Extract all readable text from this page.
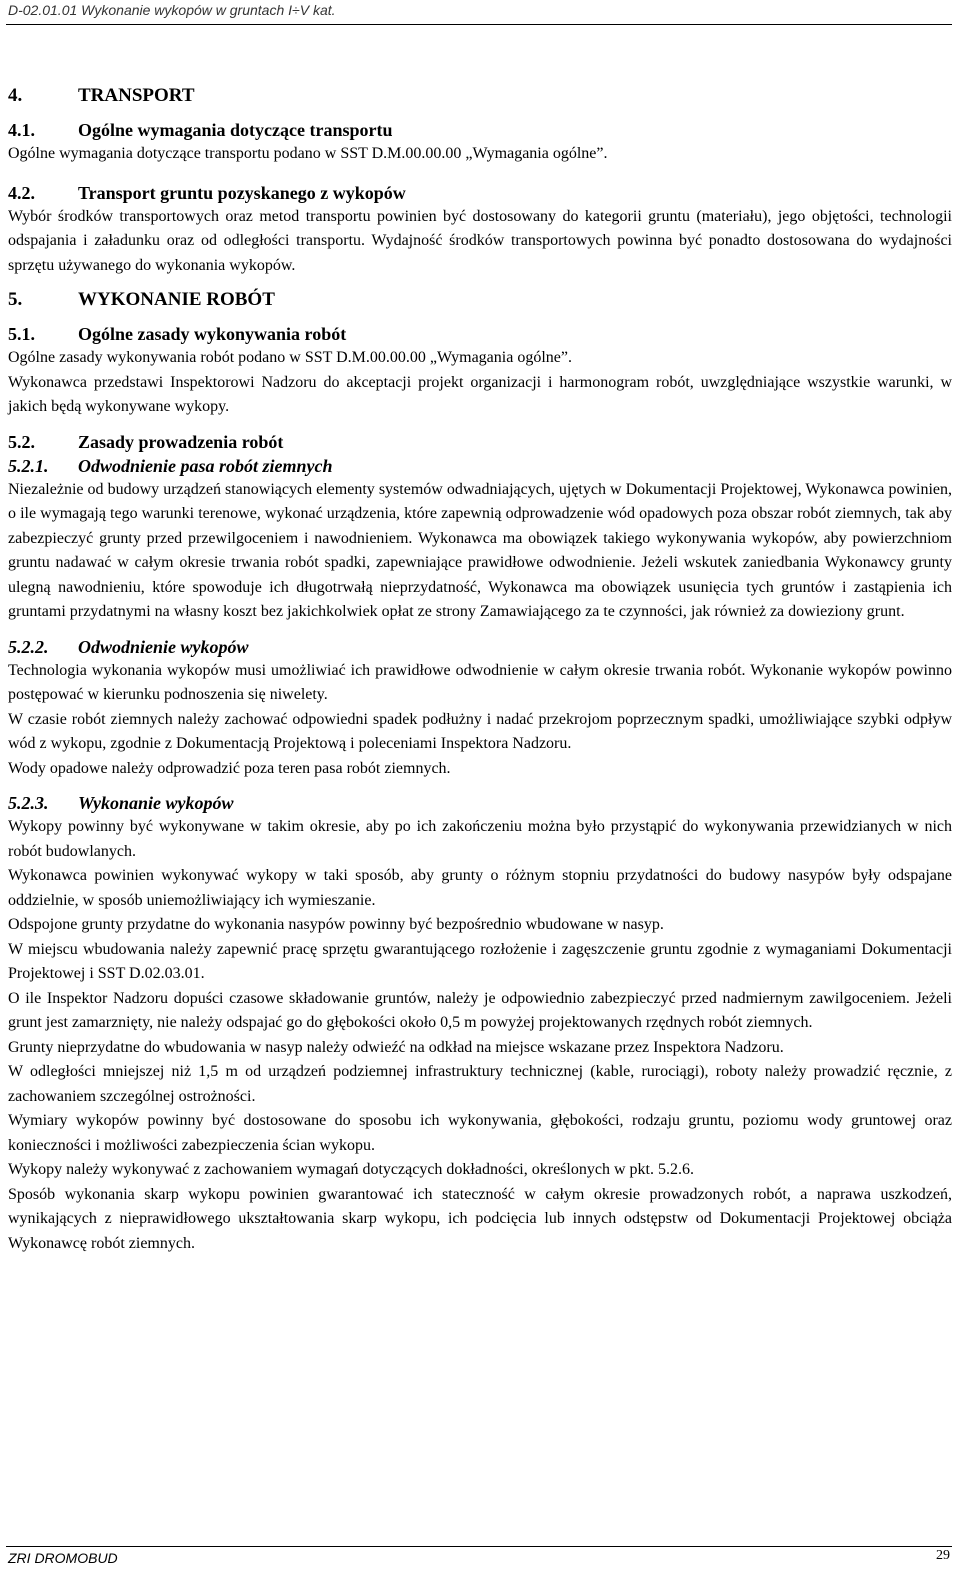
D-02.01.01 Wykonanie wykopów w gruntach I÷V kat.
4.	TRANSPORT
4.1. Ogólne wymagania dotyczące transportu

Ogólne wymagania dotyczące transportu podano w SST D.M.00.00.00 „Wymagania ogólne”.

4.2. Transport gruntu pozyskanego z wykopów

Wybór środków transportowych oraz metod transportu powinien być dostosowany do kategorii gruntu (materiału), jego objętości, technologii odspajania i załadunku oraz od odległości transportu. Wydajność środków transportowych powinna być ponadto dostosowana do wydajności sprzętu używanego do wykonania wykopów.

5.	WYKONANIE ROBÓT
5.1. Ogólne zasady wykonywania robót

Ogólne zasady wykonywania robót podano w SST D.M.00.00.00 „Wymagania ogólne”.

Wykonawca przedstawi Inspektorowi Nadzoru do akceptacji projekt organizacji i harmonogram robót, uwzględniające wszystkie warunki, w jakich będą wykonywane wykopy.

5.2. Zasady prowadzenia robót
5.2.1. Odwodnienie pasa robót ziemnych

Niezależnie od budowy urządzeń stanowiących elementy systemów odwadniających, ujętych w Dokumentacji Projektowej, Wykonawca powinien, o ile wymagają tego warunki terenowe, wykonać urządzenia, które zapewnią odprowadzenie wód opadowych poza obszar robót ziemnych, tak aby zabezpieczyć grunty przed przewilgoceniem i nawodnieniem. Wykonawca ma obowiązek takiego wykonywania wykopów, aby powierzchniom gruntu nadawać w całym okresie trwania robót spadki, zapewniające prawidłowe odwodnienie. Jeżeli wskutek zaniedbania Wykonawcy grunty ulegną nawodnieniu, które spowoduje ich długotrwałą nieprzydatność, Wykonawca ma obowiązek usunięcia tych gruntów i zastąpienia ich gruntami przydatnymi na własny koszt bez jakichkolwiek opłat ze strony Zamawiającego za te czynności, jak również za dowieziony grunt.

5.2.2. Odwodnienie wykopów

Technologia wykonania wykopów musi umożliwiać ich prawidłowe odwodnienie w całym okresie trwania robót. Wykonanie wykopów powinno postępować w kierunku podnoszenia się niwelety.

W czasie robót ziemnych należy zachować odpowiedni spadek podłużny i nadać przekrojom poprzecznym spadki, umożliwiające szybki odpływ wód z wykopu, zgodnie z Dokumentacją Projektową i poleceniami Inspektora Nadzoru.

Wody opadowe należy odprowadzić poza teren pasa robót ziemnych.

5.2.3. Wykonanie wykopów

Wykopy powinny być wykonywane w takim okresie, aby po ich zakończeniu można było przystąpić do wykonywania przewidzianych w nich robót budowlanych.

Wykonawca powinien wykonywać wykopy w taki sposób, aby grunty o różnym stopniu przydatności do budowy nasypów były odspajane oddzielnie, w sposób uniemożliwiający ich wymieszanie.

Odspojone grunty przydatne do wykonania nasypów powinny być bezpośrednio wbudowane w nasyp.

W miejscu wbudowania należy zapewnić pracę sprzętu gwarantującego rozłożenie i zagęszczenie gruntu zgodnie z wymaganiami Dokumentacji Projektowej i SST D.02.03.01.

O ile Inspektor Nadzoru dopuści czasowe składowanie gruntów, należy je odpowiednio zabezpieczyć przed nadmiernym zawilgoceniem. Jeżeli grunt jest zamarznięty, nie należy odspajać go do głębokości około 0,5 m powyżej projektowanych rzędnych robót ziemnych.

Grunty nieprzydatne do wbudowania w nasyp należy odwieźć na odkład na miejsce wskazane przez Inspektora Nadzoru.

W odległości mniejszej niż 1,5 m od urządzeń podziemnej infrastruktury technicznej (kable, rurociągi), roboty należy prowadzić ręcznie, z zachowaniem szczególnej ostrożności.

Wymiary wykopów powinny być dostosowane do sposobu ich wykonywania, głębokości, rodzaju gruntu, poziomu wody gruntowej oraz konieczności i możliwości zabezpieczenia ścian wykopu.

Wykopy należy wykonywać z zachowaniem wymagań dotyczących dokładności, określonych w pkt. 5.2.6.

Sposób wykonania skarp wykopu powinien gwarantować ich stateczność w całym okresie prowadzonych robót, a naprawa uszkodzeń, wynikających z nieprawidłowego ukształtowania skarp wykopu, ich podcięcia lub innych odstępstw od Dokumentacji Projektowej obciąża Wykonawcę robót ziemnych.

ZRI DROMOBUD	29
